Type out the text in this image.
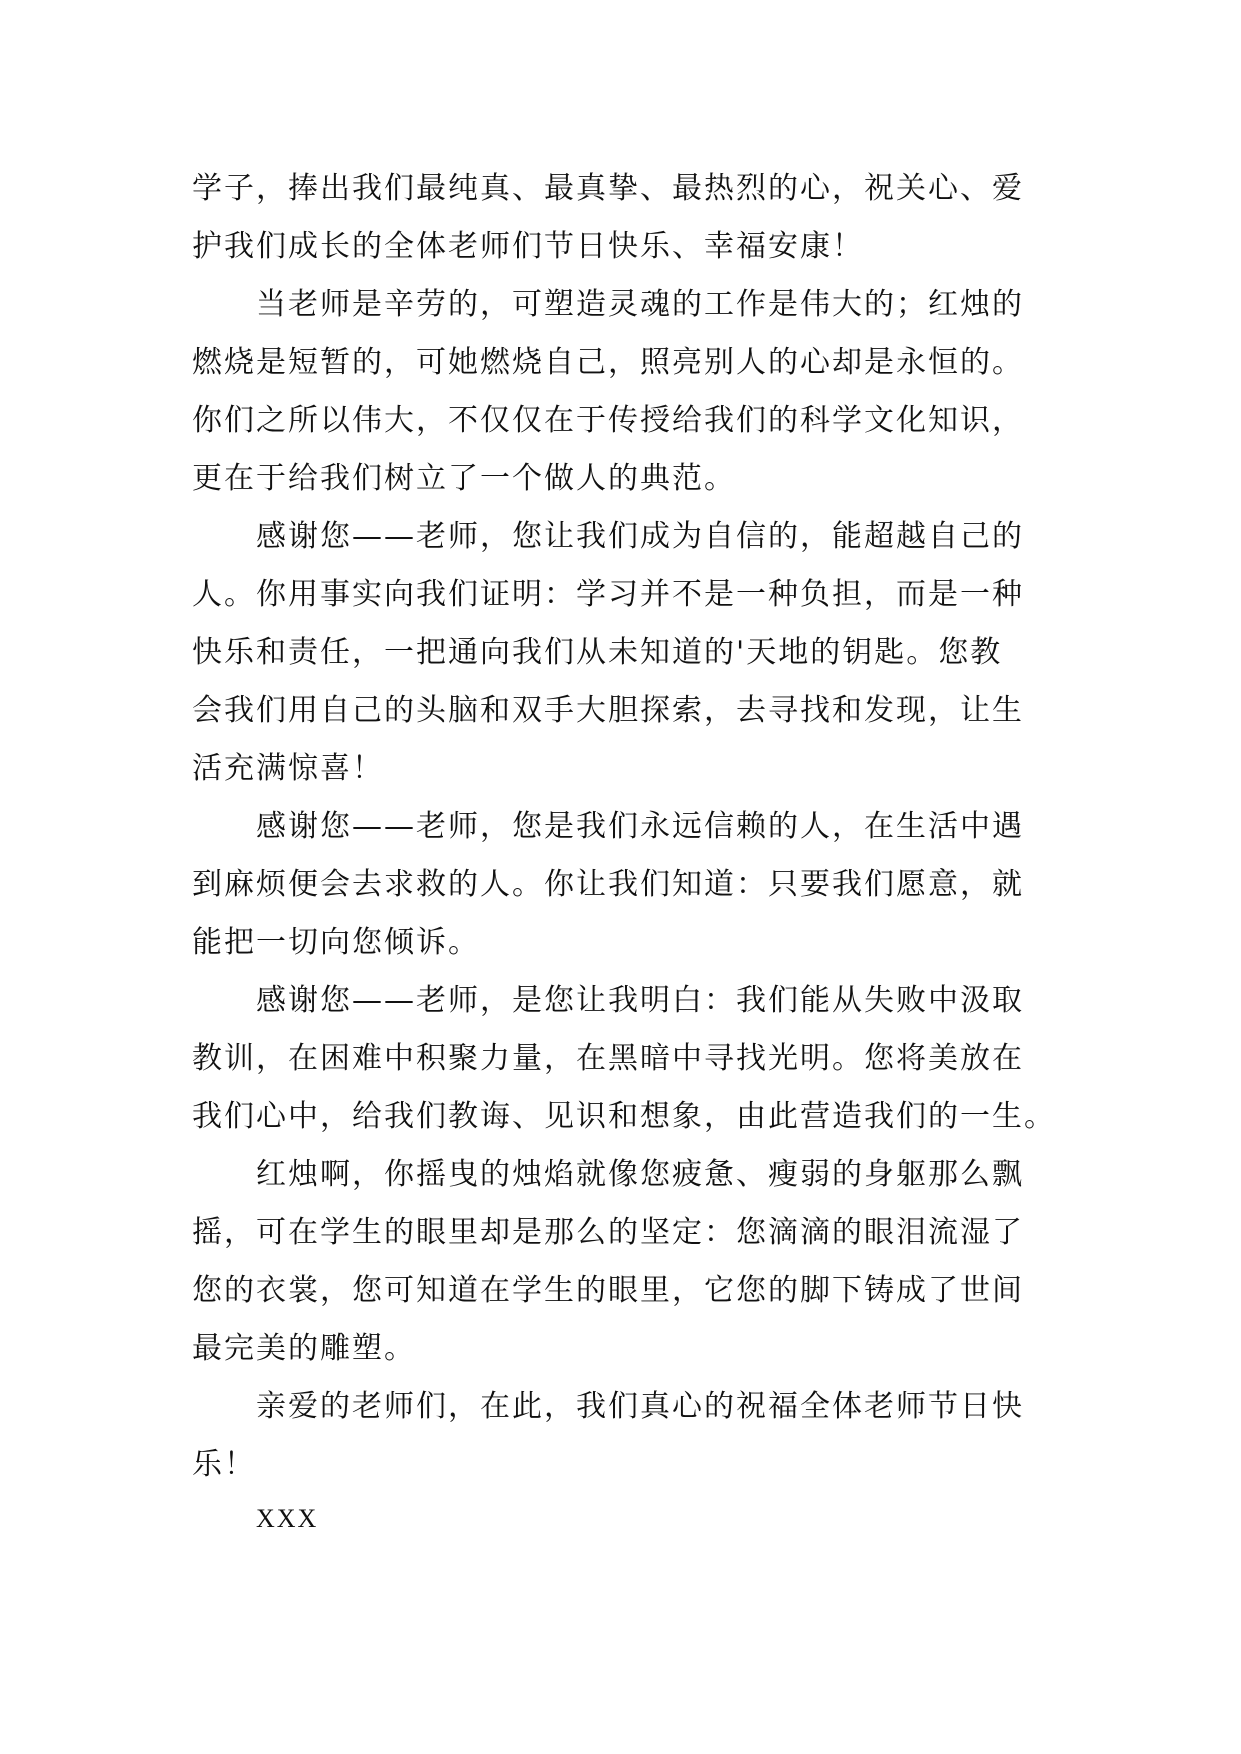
学子，捧出我们最纯真、最真挚、最热烈的心，祝关心、爱
护我们成长的全体老师们节日快乐、幸福安康！
当老师是辛劳的，可塑造灵魂的工作是伟大的；红烛的
燃烧是短暂的，可她燃烧自己，照亮别人的心却是永恒的。
你们之所以伟大，不仅仅在于传授给我们的科学文化知识，
更在于给我们树立了一个做人的典范。
感谢您——老师，您让我们成为自信的，能超越自己的
人。你用事实向我们证明：学习并不是一种负担，而是一种
快乐和责任，一把通向我们从未知道的'天地的钥匙。您教
会我们用自己的头脑和双手大胆探索，去寻找和发现，让生
活充满惊喜！
感谢您——老师，您是我们永远信赖的人，在生活中遇
到麻烦便会去求救的人。你让我们知道：只要我们愿意，就
能把一切向您倾诉。
感谢您——老师，是您让我明白：我们能从失败中汲取
教训，在困难中积聚力量，在黑暗中寻找光明。您将美放在
我们心中，给我们教诲、见识和想象，由此营造我们的一生。
红烛啊，你摇曳的烛焰就像您疲惫、瘦弱的身躯那么飘
摇，可在学生的眼里却是那么的坚定：您滴滴的眼泪流湿了
您的衣裳，您可知道在学生的眼里，它您的脚下铸成了世间
最完美的雕塑。
亲爱的老师们，在此，我们真心的祝福全体老师节日快
乐！
XXX
